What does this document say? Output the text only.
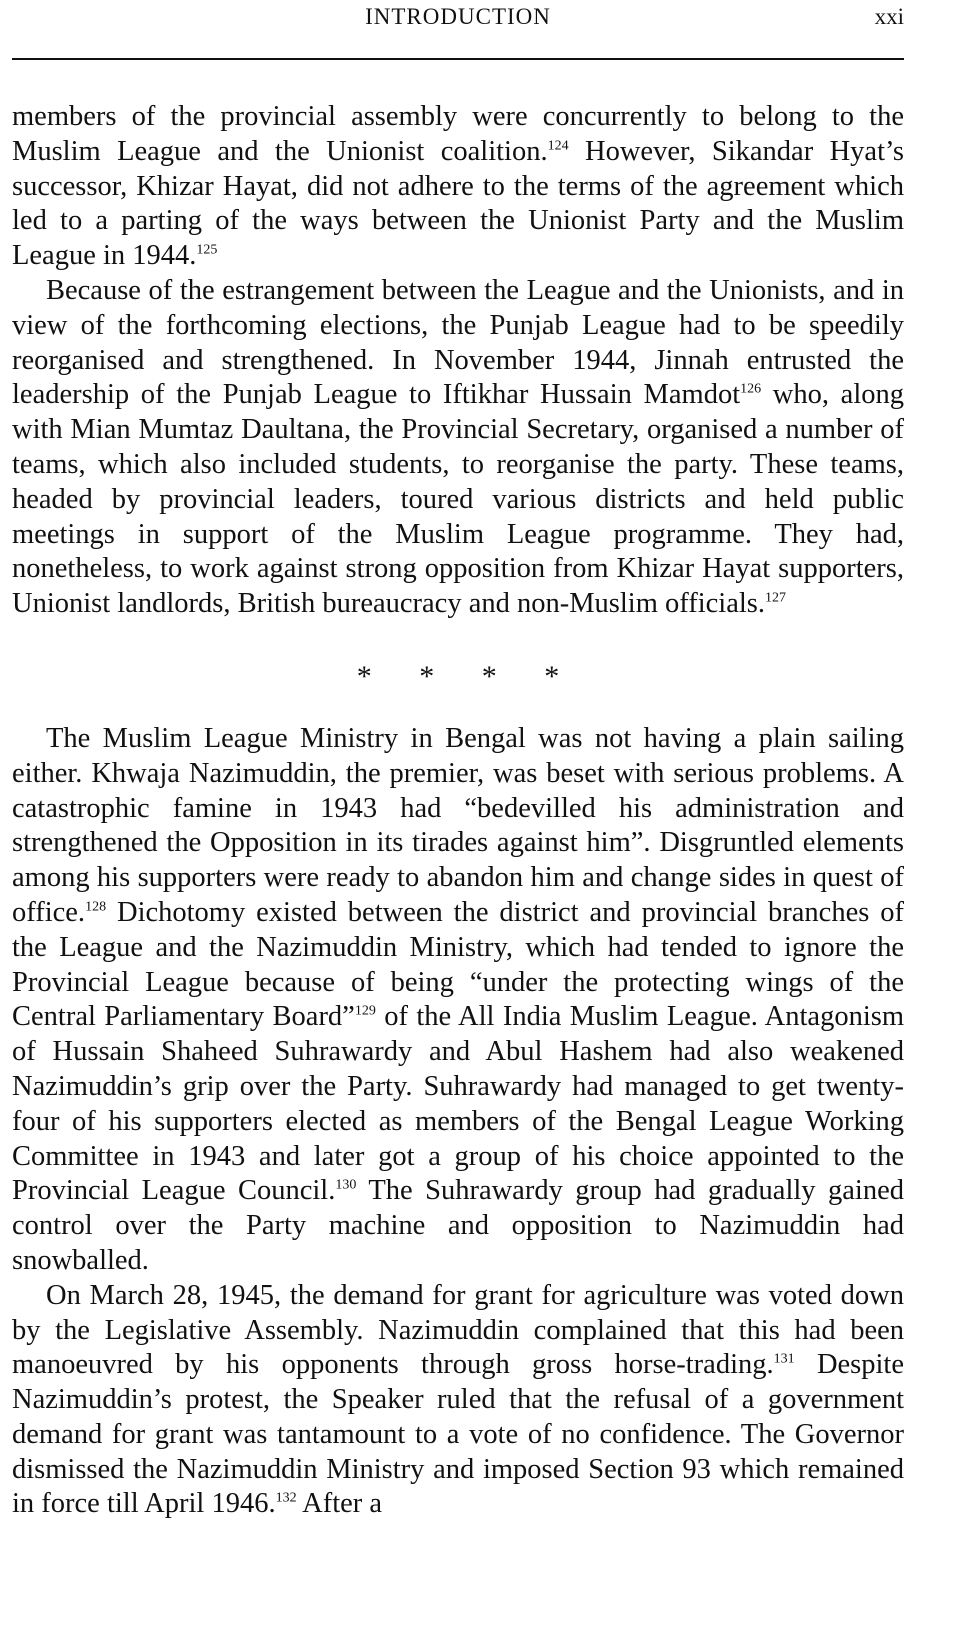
INTRODUCTION	xxi

members of the provincial assembly were concurrently to belong to the Muslim League and the Unionist coalition.$^{124}$ However, Sikandar Hyat’s successor, Khizar Hayat, did not adhere to the terms of the agreement which led to a parting of the ways between the Unionist Party and the Muslim League in 1944.$^{125}$

Because of the estrangement between the League and the Unionists, and in view of the forthcoming elections, the Punjab League had to be speedily reorganised and strengthened. In November 1944, Jinnah entrusted the leadership of the Punjab League to Iftikhar Hussain Mamdot$^{126}$ who, along with Mian Mumtaz Daultana, the Provincial Secretary, organised a number of teams, which also included students, to reorganise the party. These teams, headed by provincial leaders, toured various districts and held public meetings in support of the Muslim League programme. They had, nonetheless, to work against strong opposition from Khizar Hayat supporters, Unionist landlords, British bureaucracy and non-Muslim officials.$^{127}$

* * * *

The Muslim League Ministry in Bengal was not having a plain sailing either. Khwaja Nazimuddin, the premier, was beset with serious problems. A catastrophic famine in 1943 had “bedevilled his administration and strengthened the Opposition in its tirades against him”. Disgruntled elements among his supporters were ready to abandon him and change sides in quest of office.$^{128}$ Dichotomy existed between the district and provincial branches of the League and the Nazimuddin Ministry, which had tended to ignore the Provincial League because of being “under the protecting wings of the Central Parliamentary Board”$^{129}$ of the All India Muslim League. Antagonism of Hussain Shaheed Suhrawardy and Abul Hashem had also weakened Nazimuddin’s grip over the Party. Suhrawardy had managed to get twenty-four of his supporters elected as members of the Bengal League Working Committee in 1943 and later got a group of his choice appointed to the Provincial League Council.$^{130}$ The Suhrawardy group had gradually gained control over the Party machine and opposition to Nazimuddin had snowballed.

On March 28, 1945, the demand for grant for agriculture was voted down by the Legislative Assembly. Nazimuddin complained that this had been manoeuvred by his opponents through gross horse-trading.$^{131}$ Despite Nazimuddin’s protest, the Speaker ruled that the refusal of a government demand for grant was tantamount to a vote of no confidence. The Governor dismissed the Nazimuddin Ministry and imposed Section 93 which remained in force till April 1946.$^{132}$ After a
